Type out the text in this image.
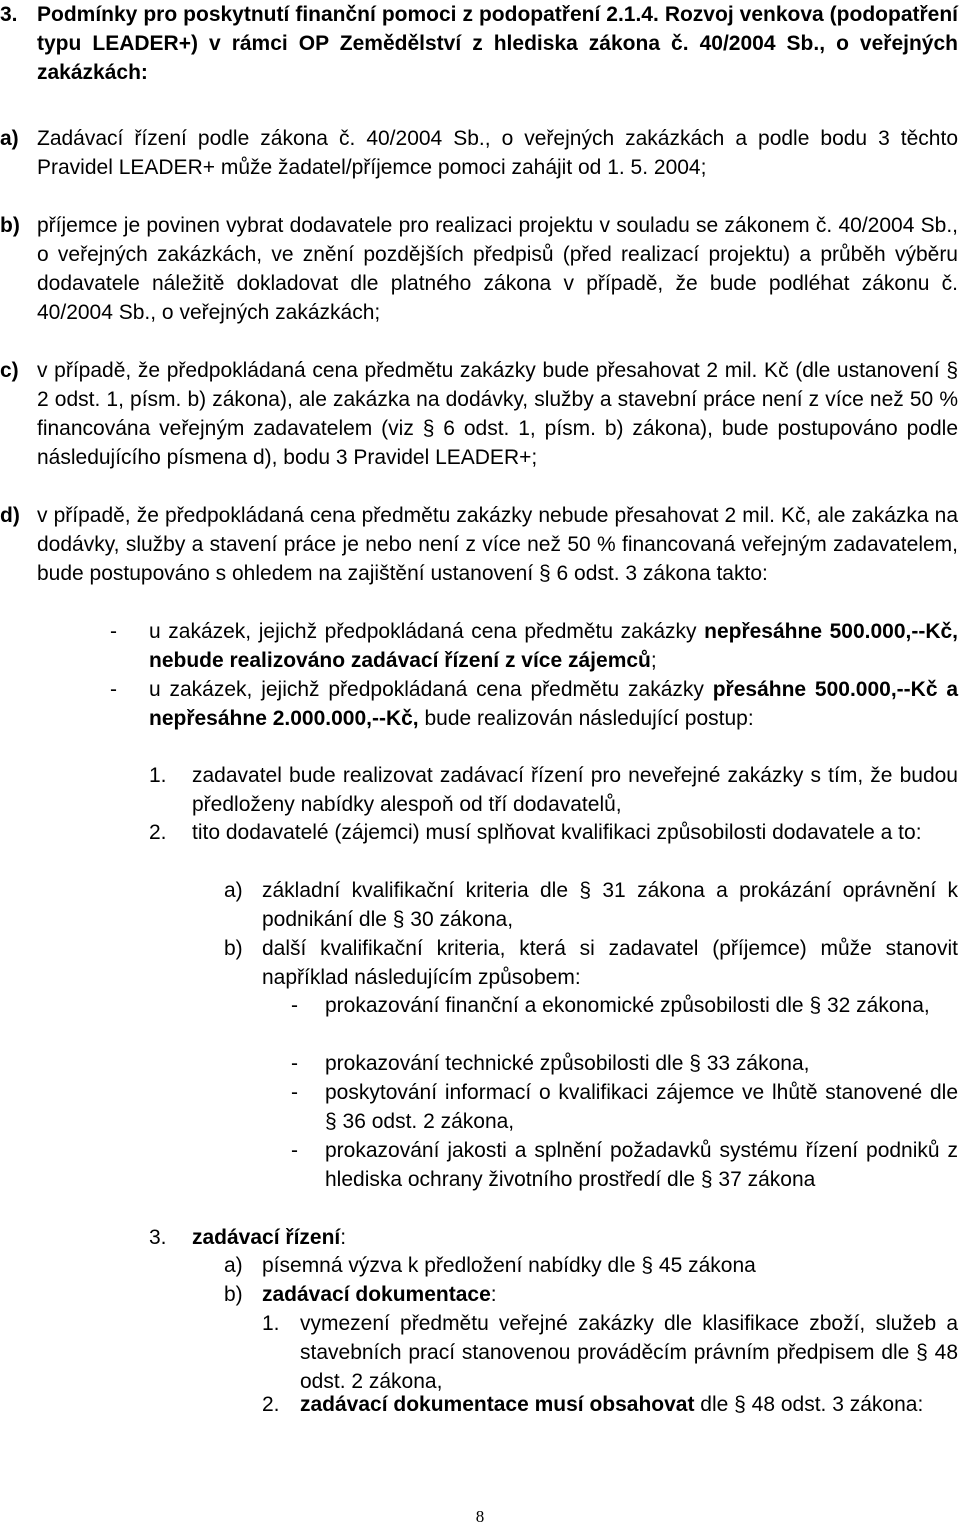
3. Podmínky pro poskytnutí finanční pomoci z podopatření 2.1.4. Rozvoj venkova (podopatření typu LEADER+) v rámci OP Zemědělství z hlediska zákona č. 40/2004 Sb., o veřejných zakázkách:
a) Zadávací řízení podle zákona č. 40/2004 Sb., o veřejných zakázkách a podle bodu 3 těchto Pravidel LEADER+ může žadatel/příjemce pomoci zahájit od 1. 5. 2004;
b) příjemce je povinen vybrat dodavatele pro realizaci projektu v souladu se zákonem č. 40/2004 Sb., o veřejných zakázkách, ve znění pozdějších předpisů (před realizací projektu) a průběh výběru dodavatele náležitě dokladovat dle platného zákona v případě, že bude podléhat zákonu č. 40/2004 Sb., o veřejných zakázkách;
c) v případě, že předpokládaná cena předmětu zakázky bude přesahovat 2 mil. Kč (dle ustanovení § 2 odst. 1, písm. b) zákona), ale zakázka na dodávky, služby a stavební práce není z více než 50 % financována veřejným zadavatelem (viz § 6 odst. 1, písm. b) zákona), bude postupováno podle následujícího písmena d), bodu 3 Pravidel LEADER+;
d) v případě, že předpokládaná cena předmětu zakázky nebude přesahovat 2 mil. Kč, ale zakázka na dodávky, služby a stavení práce je nebo není z více než 50 % financovaná veřejným zadavatelem, bude postupováno s ohledem na zajištění ustanovení § 6 odst. 3 zákona takto:
-	u zakázek, jejichž předpokládaná cena předmětu zakázky nepřesáhne 500.000,--Kč, nebude realizováno zadávací řízení z více zájemců;
-	u zakázek, jejichž předpokládaná cena předmětu zakázky přesáhne 500.000,--Kč a nepřesáhne 2.000.000,--Kč, bude realizován následující postup:
1.	zadavatel bude realizovat zadávací řízení pro neveřejné zakázky s tím, že budou předloženy nabídky alespoň od tří dodavatelů,
2.	tito dodavatelé (zájemci) musí splňovat kvalifikaci způsobilosti dodavatele a to:
a) základní kvalifikační kriteria dle § 31 zákona a prokázání oprávnění k podnikání dle § 30 zákona,
b) další kvalifikační kriteria, která si zadavatel (příjemce) může stanovit například následujícím způsobem:
-	prokazování finanční a ekonomické způsobilosti dle § 32 zákona,
-	prokazování technické způsobilosti dle § 33 zákona,
-	poskytování informací o kvalifikaci zájemce ve lhůtě stanovené dle § 36 odst. 2 zákona,
-	prokazování jakosti a splnění požadavků systému řízení podniků z hlediska ochrany životního prostředí dle § 37 zákona
3.	zadávací řízení:
a) písemná výzva k předložení nabídky dle § 45 zákona
b) zadávací dokumentace:
1. vymezení předmětu veřejné zakázky dle klasifikace zboží, služeb a stavebních prací stanovenou prováděcím právním předpisem dle § 48 odst. 2 zákona,
2. zadávací dokumentace musí obsahovat dle § 48 odst. 3 zákona:
8
